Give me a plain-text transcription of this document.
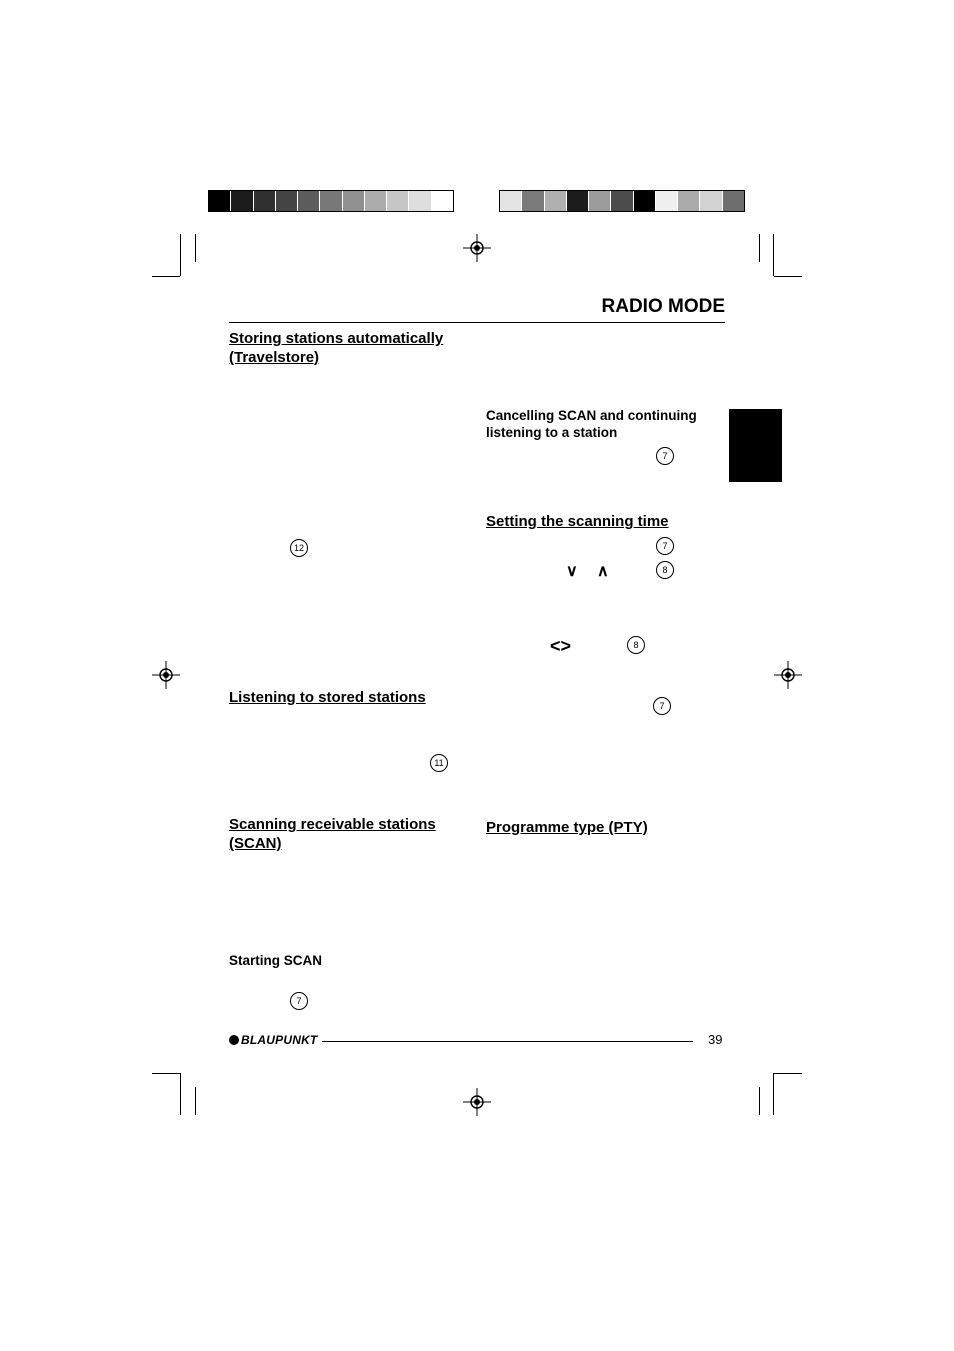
RADIO MODE
Storing stations automatically (Travelstore)
12
Listening to stored stations
11
Scanning receivable stations (SCAN)
Starting SCAN
7
Cancelling SCAN and continuing listening to a station
7
Setting the scanning time
7
∨ ∧	8
<>	8
7
Programme type (PTY)
BLAUPUNKT	39
